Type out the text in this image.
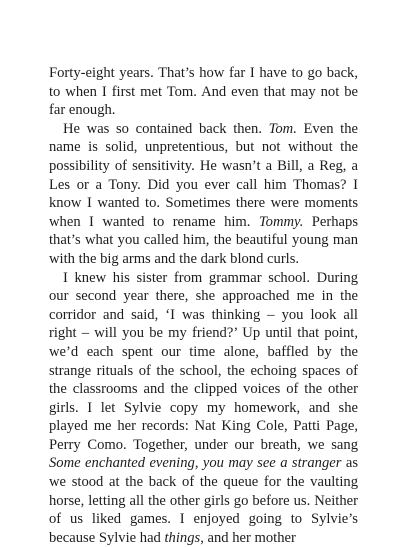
Forty-eight years. That’s how far I have to go back, to when I first met Tom. And even that may not be far enough.

He was so contained back then. Tom. Even the name is solid, unpretentious, but not without the possibility of sensitivity. He wasn’t a Bill, a Reg, a Les or a Tony. Did you ever call him Thomas? I know I wanted to. Sometimes there were moments when I wanted to rename him. Tommy. Perhaps that’s what you called him, the beautiful young man with the big arms and the dark blond curls.

I knew his sister from grammar school. During our second year there, she approached me in the corridor and said, ‘I was thinking – you look all right – will you be my friend?’ Up until that point, we’d each spent our time alone, baffled by the strange rituals of the school, the echoing spaces of the classrooms and the clipped voices of the other girls. I let Sylvie copy my homework, and she played me her records: Nat King Cole, Patti Page, Perry Como. Together, under our breath, we sang Some enchanted evening, you may see a stranger as we stood at the back of the queue for the vaulting horse, letting all the other girls go before us. Neither of us liked games. I enjoyed going to Sylvie’s because Sylvie had things, and her mother
